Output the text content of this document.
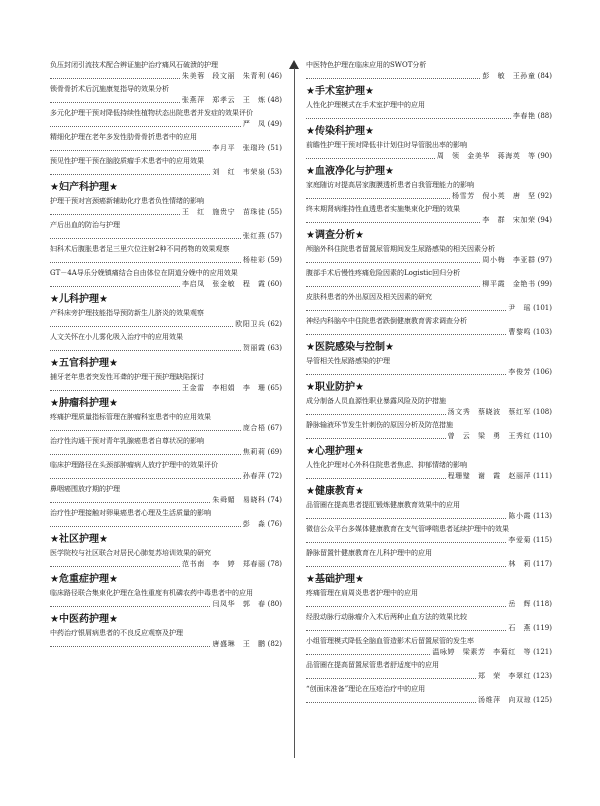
负压封闭引流技术配合辨证施护治疗痛风石破溃的护理
朱美蓉　段文丽　朱青利 (46)
锁骨骨折术后沉施康复指导的效果分析
张燕萍　郑孝云　王　炼 (48)
多元化护理干预对降低持续性植物状态出院患者并发症的效果评价
严　凤 (49)
精细化护理在老年多发性肋骨骨折患者中的应用
李月平　张瑞玲 (51)
预见性护理干预在脑胶质瘤手术患者中的应用效果
刘　红　韦荣泉 (53)
★妇产科护理★
护理干预对宫颈癌新辅助化疗患者负性情绪的影响
王　红　施贵宁　苗珠徒 (55)
产后出血的防治与护理
张红燕 (57)
妇科术后腹胀患者足三里穴位注射2种不同药物的效果观察
杨桂彩 (59)
GT－4A导乐分娩镇痛结合自由体位在阴道分娩中的应用效果
李启凤　张金敏　程　霞 (60)
★儿科护理★
产科床旁护理技能指导预防新生儿脐炎的效果观察
欧阳卫兵 (62)
人文关怀在小儿雾化吸入治疗中的应用效果
贺丽霞 (63)
★五官科护理★
捕牙老年患者突发性耳聋的护理干预护理缺陷探讨
王金雷　李相娟　李　珊 (65)
★肿瘤科护理★
疼痛护理质量指标管理在肿瘤科室患者中的应用效果
庞合梧 (67)
治疗性沟通干预对青年乳腺癌患者自尊状况的影响
焦莉莉 (69)
临床护理路径在头颈部肿瘤病人放疗护理中的效果评价
孙春萍 (72)
鼻咽癌围放疗期的护理
朱舜媚　易晓科 (74)
治疗性护理接触对卵巢癌患者心理及生活质量的影响
彭　淼 (76)
★社区护理★
医学院校与社区联合对居民心肺复苏培训效果的研究
范书南　李　婷　郑春丽 (78)
★危重症护理★
临床路径联合集束化护理在急性重度有机磷农药中毒患者中的应用
闫凤华　郭　春 (80)
★中医药护理★
中药治疗银屑病患者的不良反应观察及护理
唐盛琳　王　鹏 (82)
中医特色护理在临床应用的SWOT分析
彭　敏　王孙童 (84)
★手术室护理★
人性化护理模式在手术室护理中的应用
李春艳 (88)
★传染科护理★
前瞻性护理干预对降低非计划住时导管脱出率的影响
周　领　金美华　蒋海英　等 (90)
★血液净化与护理★
家庭随访对提高居家腹膜透析患者自我管理能力的影响
杨雪芳　倪小英　唐　坚 (92)
终末期肾病维持性血透患者实施集束化护理的效果
李　群　宋加荣 (94)
★调查分析★
颅脑外科住院患者留置尿管期间发生尿路感染的相关因素分析
周小梅　李亚群 (97)
腹部手术后慢性疼痛危险因素的Logistic回归分析
柳平霞　金艳书 (99)
皮肤科患者的外出原因及相关因素的研究
尹　瑶 (101)
神经内科脑卒中住院患者跌倒健康教育需求调查分析
曹黎鸣 (103)
★医院感染与控制★
导管相关性尿路感染的护理
李俊芳 (106)
★职业防护★
成分制备人员血源性职业暴露风险及防护措施
汤文秀　蔡晓波　蔡红军 (108)
静脉输液环节发生针刺伤的原因分析及防范措施
曾　云　梁　勇　王秀红 (110)
★心理护理★
人性化护理对心外科住院患者焦虑、抑郁情绪的影响
程珊璧　谢　霞　赵丽萍 (111)
★健康教育★
品管圈在提高患者提肛锻炼健康教育效果中的应用
陈小霞 (113)
微信公众平台多媒体健康教育在支气管哮喘患者延续护理中的效果
李爱菊 (115)
静脉留置针健康教育在儿科护理中的应用
林　莉 (117)
★基础护理★
疼痛管理在肩周炎患者护理中的应用
岳　辉 (118)
经股动脉行动脉瘤介入术后两种止血方法的效果比较
石　燕 (119)
小组管理模式降低全脑血管造影术后留置尿管的发生率
温咏婷　梁素芳　李菊红　等 (121)
品管圈在提高留置尿管患者舒适度中的应用
郑　荣　李翠红 (123)
“创面床准备”理论在压疮治疗中的应用
汤维萍　向双琼 (125)
